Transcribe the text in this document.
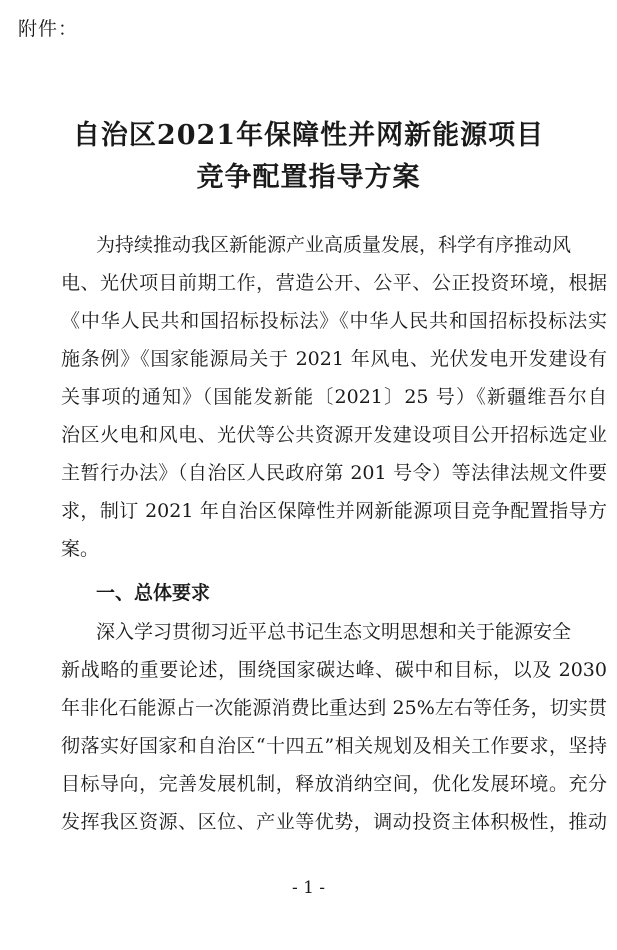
附件：

自治区2021年保障性并网新能源项目
竞争配置指导方案

为持续推动我区新能源产业高质量发展，科学有序推动风

电、光伏项目前期工作，营造公开、公平、公正投资环境，根据

《中华人民共和国招标投标法》《中华人民共和国招标投标法实

施条例》《国家能源局关于 2021 年风电、光伏发电开发建设有

关事项的通知》（国能发新能〔2021〕25 号）《新疆维吾尔自

治区火电和风电、光伏等公共资源开发建设项目公开招标选定业

主暂行办法》（自治区人民政府第 201 号令）等法律法规文件要

求，制订 2021 年自治区保障性并网新能源项目竞争配置指导方

案。

一、总体要求

深入学习贯彻习近平总书记生态文明思想和关于能源安全

新战略的重要论述，围绕国家碳达峰、碳中和目标，以及 2030

年非化石能源占一次能源消费比重达到 25%左右等任务，切实贯

彻落实好国家和自治区“十四五”相关规划及相关工作要求，坚持

目标导向，完善发展机制，释放消纳空间，优化发展环境。充分

发挥我区资源、区位、产业等优势，调动投资主体积极性，推动

- 1 -
